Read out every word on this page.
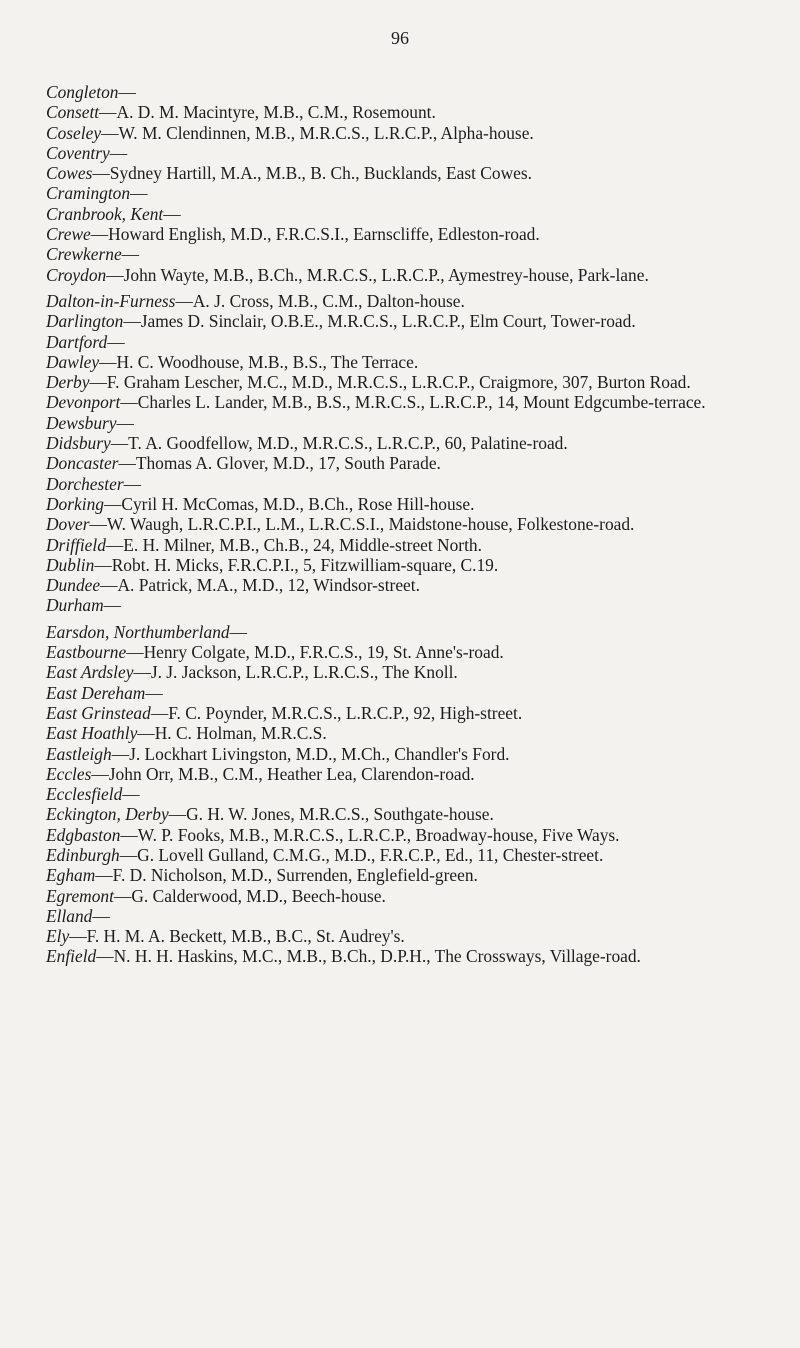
96
Congleton—
Consett—A. D. M. Macintyre, M.B., C.M., Rosemount.
Coseley—W. M. Clendinnen, M.B., M.R.C.S., L.R.C.P., Alpha-house.
Coventry—
Cowes—Sydney Hartill, M.A., M.B., B. Ch., Bucklands, East Cowes.
Cramington—
Cranbrook, Kent—
Crewe—Howard English, M.D., F.R.C.S.I., Earnscliffe, Edleston-road.
Crewkerne—
Croydon—John Wayte, M.B., B.Ch., M.R.C.S., L.R.C.P., Aymestrey-house, Park-lane.
Dalton-in-Furness—A. J. Cross, M.B., C.M., Dalton-house.
Darlington—James D. Sinclair, O.B.E., M.R.C.S., L.R.C.P., Elm Court, Tower-road.
Dartford—
Dawley—H. C. Woodhouse, M.B., B.S., The Terrace.
Derby—F. Graham Lescher, M.C., M.D., M.R.C.S., L.R.C.P., Craigmore, 307, Burton Road.
Devonport—Charles L. Lander, M.B., B.S., M.R.C.S., L.R.C.P., 14, Mount Edgcumbe-terrace.
Dewsbury—
Didsbury—T. A. Goodfellow, M.D., M.R.C.S., L.R.C.P., 60, Palatine-road.
Doncaster—Thomas A. Glover, M.D., 17, South Parade.
Dorchester—
Dorking—Cyril H. McComas, M.D., B.Ch., Rose Hill-house.
Dover—W. Waugh, L.R.C.P.I., L.M., L.R.C.S.I., Maidstone-house, Folkestone-road.
Driffield—E. H. Milner, M.B., Ch.B., 24, Middle-street North.
Dublin—Robt. H. Micks, F.R.C.P.I., 5, Fitzwilliam-square, C.19.
Dundee—A. Patrick, M.A., M.D., 12, Windsor-street.
Durham—
Earsdon, Northumberland—
Eastbourne—Henry Colgate, M.D., F.R.C.S., 19, St. Anne's-road.
East Ardsley—J. J. Jackson, L.R.C.P., L.R.C.S., The Knoll.
East Dereham—
East Grinstead—F. C. Poynder, M.R.C.S., L.R.C.P., 92, High-street.
East Hoathly—H. C. Holman, M.R.C.S.
Eastleigh—J. Lockhart Livingston, M.D., M.Ch., Chandler's Ford.
Eccles—John Orr, M.B., C.M., Heather Lea, Clarendon-road.
Ecclesfield—
Eckington, Derby—G. H. W. Jones, M.R.C.S., Southgate-house.
Edgbaston—W. P. Fooks, M.B., M.R.C.S., L.R.C.P., Broadway-house, Five Ways.
Edinburgh—G. Lovell Gulland, C.M.G., M.D., F.R.C.P., Ed., 11, Chester-street.
Egham—F. D. Nicholson, M.D., Surrenden, Englefield-green.
Egremont—G. Calderwood, M.D., Beech-house.
Elland—
Ely—F. H. M. A. Beckett, M.B., B.C., St. Audrey's.
Enfield—N. H. H. Haskins, M.C., M.B., B.Ch., D.P.H., The Crossways, Village-road.
